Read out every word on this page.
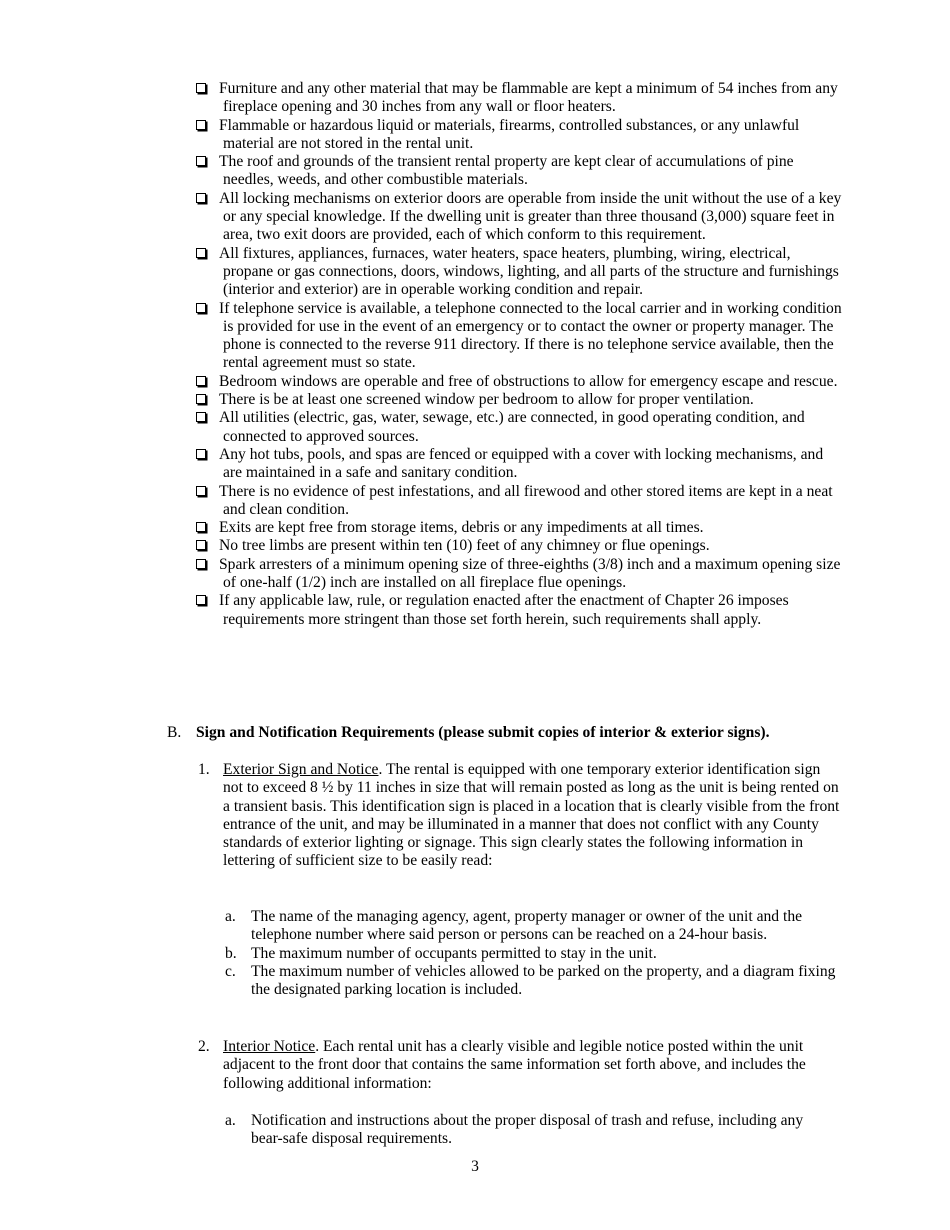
Furniture and any other material that may be flammable are kept a minimum of 54 inches from any fireplace opening and 30 inches from any wall or floor heaters.
Flammable or hazardous liquid or materials, firearms, controlled substances, or any unlawful material are not stored in the rental unit.
The roof and grounds of the transient rental property are kept clear of accumulations of pine needles, weeds, and other combustible materials.
All locking mechanisms on exterior doors are operable from inside the unit without the use of a key or any special knowledge. If the dwelling unit is greater than three thousand (3,000) square feet in area, two exit doors are provided, each of which conform to this requirement.
All fixtures, appliances, furnaces, water heaters, space heaters, plumbing, wiring, electrical, propane or gas connections, doors, windows, lighting, and all parts of the structure and furnishings (interior and exterior) are in operable working condition and repair.
If telephone service is available, a telephone connected to the local carrier and in working condition is provided for use in the event of an emergency or to contact the owner or property manager. The phone is connected to the reverse 911 directory. If there is no telephone service available, then the rental agreement must so state.
Bedroom windows are operable and free of obstructions to allow for emergency escape and rescue.
There is be at least one screened window per bedroom to allow for proper ventilation.
All utilities (electric, gas, water, sewage, etc.) are connected, in good operating condition, and connected to approved sources.
Any hot tubs, pools, and spas are fenced or equipped with a cover with locking mechanisms, and are maintained in a safe and sanitary condition.
There is no evidence of pest infestations, and all firewood and other stored items are kept in a neat and clean condition.
Exits are kept free from storage items, debris or any impediments at all times.
No tree limbs are present within ten (10) feet of any chimney or flue openings.
Spark arresters of a minimum opening size of three-eighths (3/8) inch and a maximum opening size of one-half (1/2) inch are installed on all fireplace flue openings.
If any applicable law, rule, or regulation enacted after the enactment of Chapter 26 imposes requirements more stringent than those set forth herein, such requirements shall apply.
B. Sign and Notification Requirements (please submit copies of interior & exterior signs).
1. Exterior Sign and Notice. The rental is equipped with one temporary exterior identification sign not to exceed 8 ½ by 11 inches in size that will remain posted as long as the unit is being rented on a transient basis. This identification sign is placed in a location that is clearly visible from the front entrance of the unit, and may be illuminated in a manner that does not conflict with any County standards of exterior lighting or signage. This sign clearly states the following information in lettering of sufficient size to be easily read:
a. The name of the managing agency, agent, property manager or owner of the unit and the telephone number where said person or persons can be reached on a 24-hour basis.
b. The maximum number of occupants permitted to stay in the unit.
c. The maximum number of vehicles allowed to be parked on the property, and a diagram fixing the designated parking location is included.
2. Interior Notice. Each rental unit has a clearly visible and legible notice posted within the unit adjacent to the front door that contains the same information set forth above, and includes the following additional information:
a. Notification and instructions about the proper disposal of trash and refuse, including any bear-safe disposal requirements.
3
